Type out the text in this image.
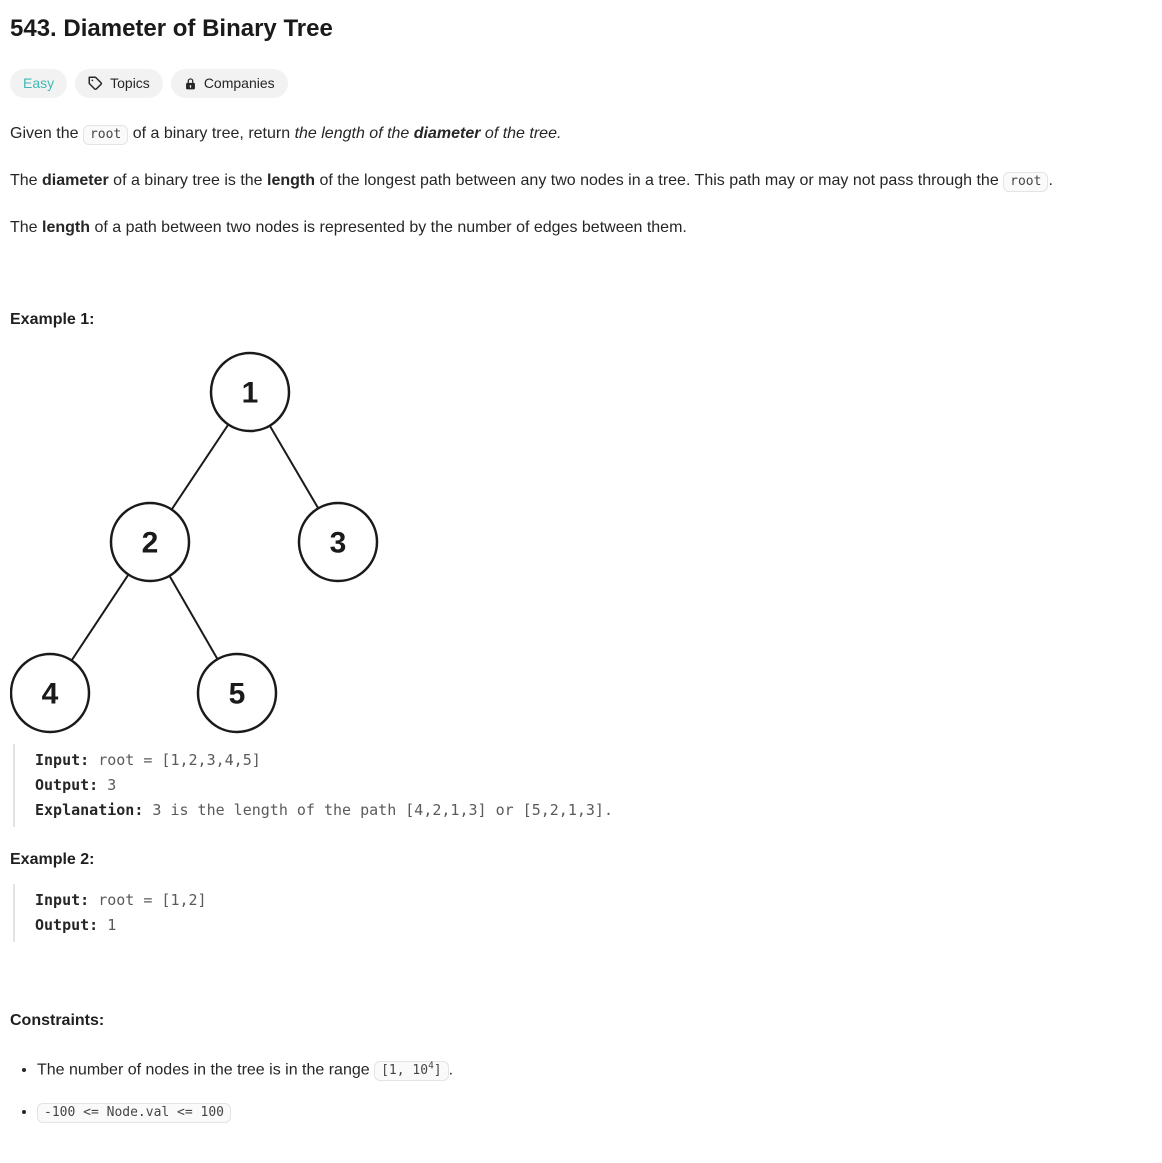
543. Diameter of Binary Tree
Easy	Topics	Companies

Given the root of a binary tree, return the length of the diameter of the tree.

The diameter of a binary tree is the length of the longest path between any two nodes in a tree. This path may or may not pass through the root .

The length of a path between two nodes is represented by the number of edges between them.

Example 1:

1
2	3
4	5
Input: root = [1,2,3,4,5]
Output: 3
Explanation: 3 is the length of the path [4,2,1,3] or [5,2,1,3].

Example 2:

Input: root = [1,2]
Output: 1

Constraints:

• The number of nodes in the tree is in the range [1, $10^4$] .
• -100 <= Node.val <= 100
